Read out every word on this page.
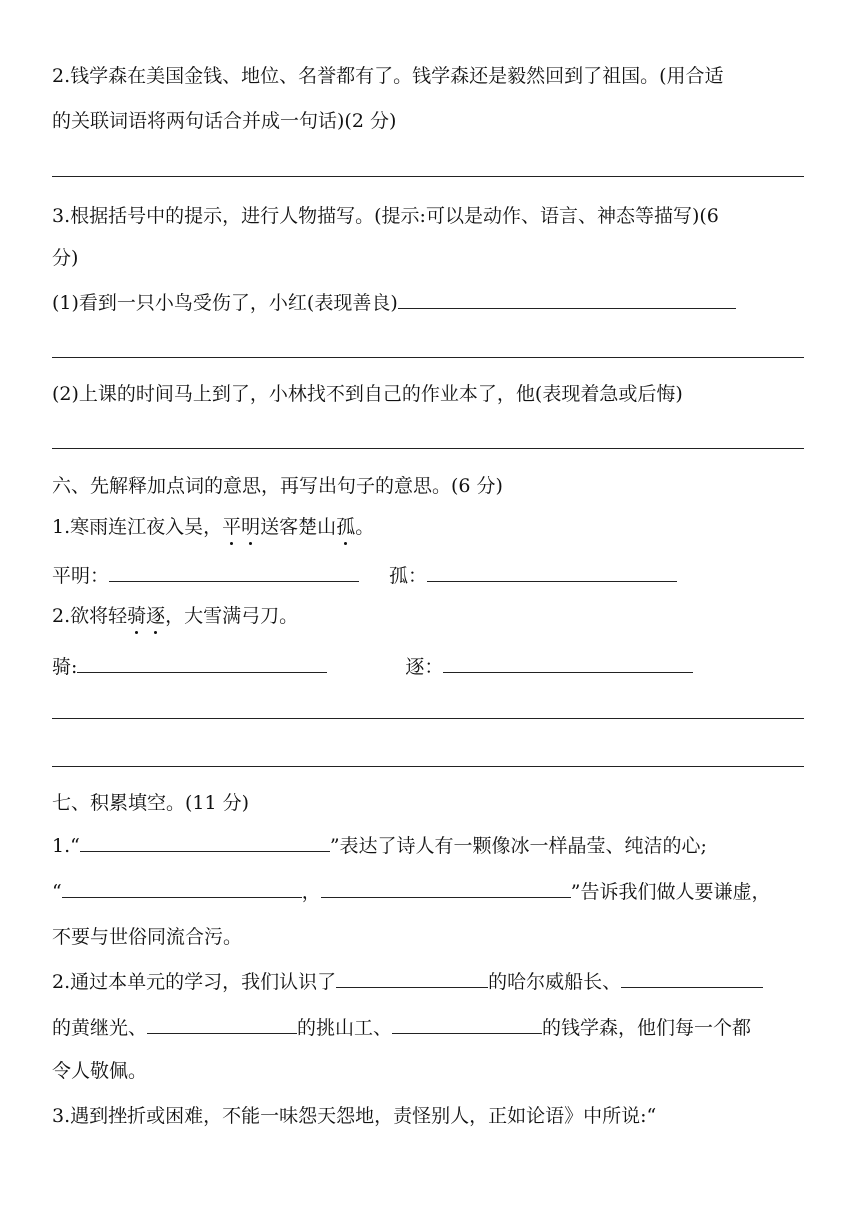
2.钱学森在美国金钱、地位、名誉都有了。钱学森还是毅然回到了祖国。(用合适
的关联词语将两句话合并成一句话)(2 分)
3.根据括号中的提示，进行人物描写。(提示:可以是动作、语言、神态等描写)(6
分)
(1)看到一只小鸟受伤了，小红(表现善良)
(2)上课的时间马上到了，小林找不到自己的作业本了，他(表现着急或后悔)
六、先解释加点词的意思，再写出句子的意思。(6 分)
1.寒雨连江夜入吴，平明送客楚山孤。
平明：	孤：
2.欲将轻骑逐，大雪满弓刀。
骑:	逐：
七、积累填空。(11 分)
1.“	”表达了诗人有一颗像冰一样晶莹、纯洁的心;
“	，	”告诉我们做人要谦虚，
不要与世俗同流合污。
2.通过本单元的学习，我们认识了	的哈尔威船长、
的黄继光、	的挑山工、	的钱学森，他们每一个都
令人敬佩。
3.遇到挫折或困难，不能一味怨天怨地，责怪别人，正如论语》中所说:“
